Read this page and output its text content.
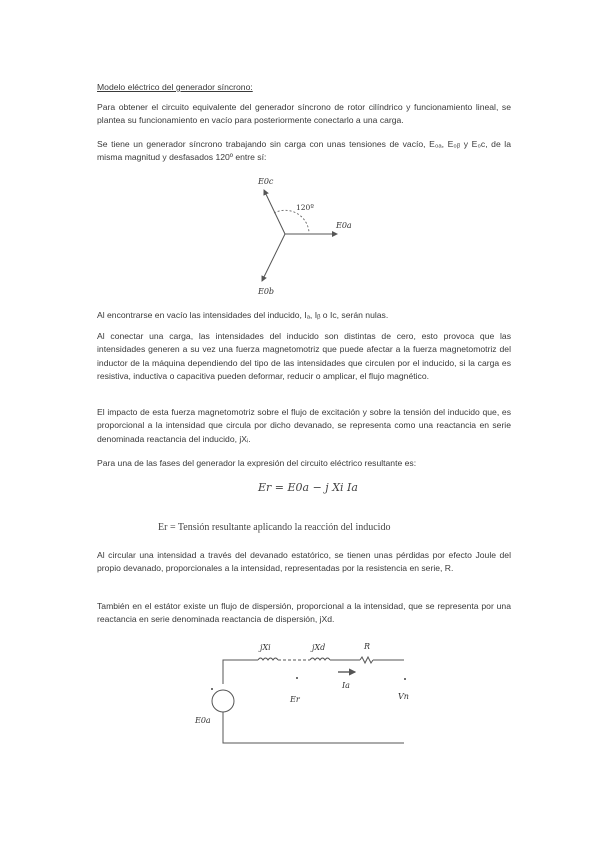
Modelo eléctrico del generador síncrono:

Para obtener el circuito equivalente del generador síncrono de rotor cilíndrico y funcionamiento lineal, se plantea su funcionamiento en vacío para posteriormente conectarlo a una carga.

Se tiene un generador síncrono trabajando sin carga con unas tensiones de vacío, E₀ₐ, E₀ᵦ y E₀c, de la misma magnitud y desfasados 120º entre sí:

E0c
E0a
E0b
120º

Al encontrarse en vacío las intensidades del inducido, Iₐ, Iᵦ o Ic, serán nulas.

Al conectar una carga, las intensidades del inducido son distintas de cero, esto provoca que las intensidades generen a su vez una fuerza magnetomotriz que puede afectar a la fuerza magnetomotriz del inductor de la máquina dependiendo del tipo de las intensidades que circulen por el inducido, si la carga es resistiva, inductiva o capacitiva pueden deformar, reducir o amplicar, el flujo magnético.

El impacto de esta fuerza magnetomotriz sobre el flujo de excitación y sobre la tensión del inducido que, es proporcional a la intensidad que circula por dicho devanado, se representa como una reactancia en serie denominada reactancia del inducido, jXᵢ.

Para una de las fases del generador la expresión del circuito eléctrico resultante es:

Er = E0a − j Xi Ia
Er = Tensión resultante aplicando la reacción del inducido

Al circular una intensidad a través del devanado estatórico, se tienen unas pérdidas por efecto Joule del propio devanado, proporcionales a la intensidad, representadas por la resistencia en serie, R.

También en el estátor existe un flujo de dispersión, proporcional a la intensidad, que se representa por una reactancia en serie denominada reactancia de dispersión, jXd.

jXi	jXd	R
Ia
Er	Vn
E0a
